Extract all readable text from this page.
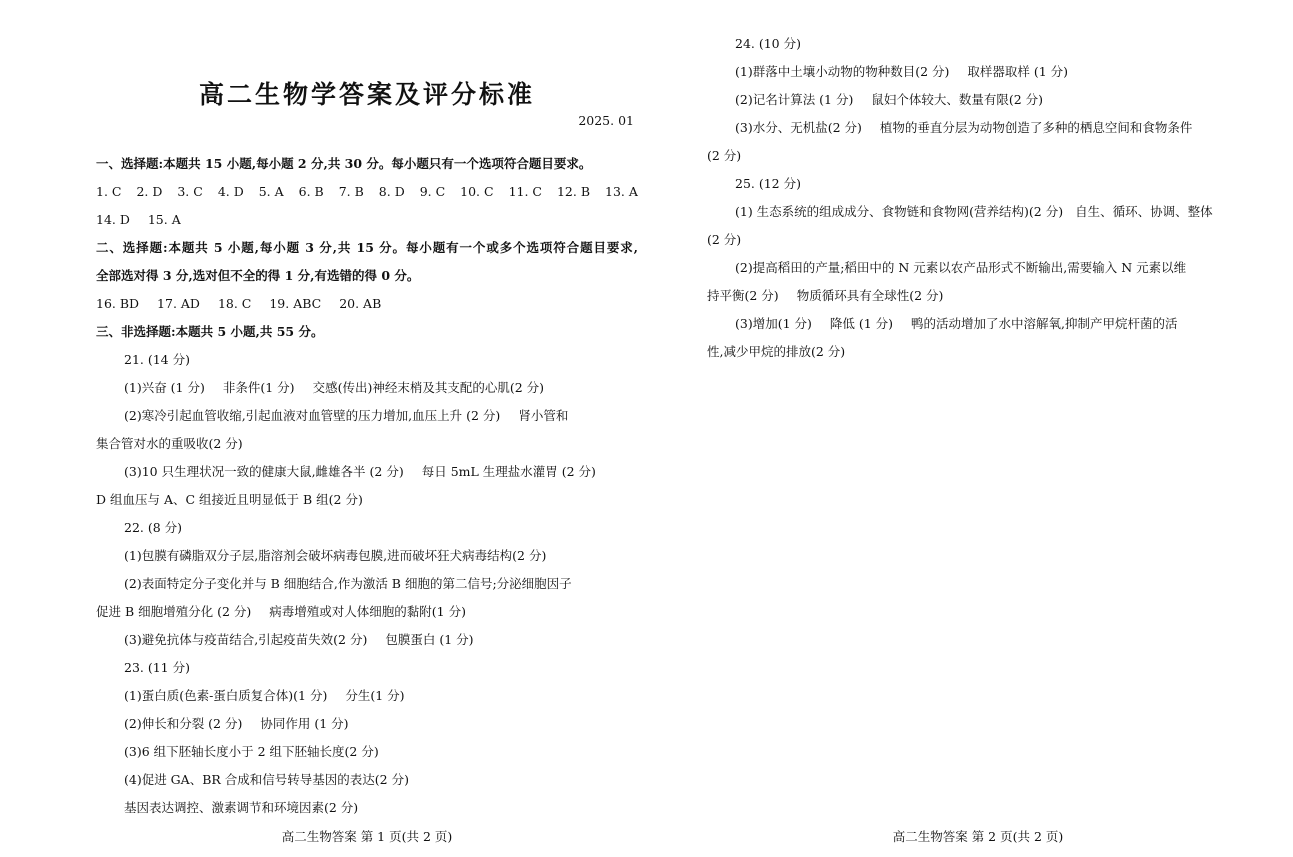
高二生物学答案及评分标准
2025. 01
一、选择题:本题共 15 小题,每小题 2 分,共 30 分。每小题只有一个选项符合题目要求。
1. C 2. D 3. C 4. D 5. A 6. B 7. B 8. D 9. C 10. C 11. C 12. B 13. A
14. D 15. A
二、选择题:本题共 5 小题,每小题 3 分,共 15 分。每小题有一个或多个选项符合题目要求,
全部选对得 3 分,选对但不全的得 1 分,有选错的得 0 分。
16. BD 17. AD 18. C 19. ABC 20. AB
三、非选择题:本题共 5 小题,共 55 分。
21. (14 分)
(1)兴奋 (1 分) 非条件(1 分) 交感(传出)神经末梢及其支配的心肌(2 分)
(2)寒冷引起血管收缩,引起血液对血管壁的压力增加,血压上升 (2 分) 肾小管和
集合管对水的重吸收(2 分)
(3)10 只生理状况一致的健康大鼠,雌雄各半 (2 分) 每日 5mL 生理盐水灌胃 (2 分)
D 组血压与 A、C 组接近且明显低于 B 组(2 分)
22. (8 分)
(1)包膜有磷脂双分子层,脂溶剂会破坏病毒包膜,进而破坏狂犬病毒结构(2 分)
(2)表面特定分子变化并与 B 细胞结合,作为激活 B 细胞的第二信号;分泌细胞因子
促进 B 细胞增殖分化 (2 分) 病毒增殖或对人体细胞的黏附(1 分)
(3)避免抗体与疫苗结合,引起疫苗失效(2 分) 包膜蛋白 (1 分)
23. (11 分)
(1)蛋白质(色素-蛋白质复合体)(1 分) 分生(1 分)
(2)伸长和分裂 (2 分) 协同作用 (1 分)
(3)6 组下胚轴长度小于 2 组下胚轴长度(2 分)
(4)促进 GA、BR 合成和信号转导基因的表达(2 分)
基因表达调控、激素调节和环境因素(2 分)
高二生物答案 第 1 页(共 2 页)
24. (10 分)
(1)群落中土壤小动物的物种数目(2 分) 取样器取样 (1 分)
(2)记名计算法 (1 分) 鼠妇个体较大、数量有限(2 分)
(3)水分、无机盐(2 分) 植物的垂直分层为动物创造了多种的栖息空间和食物条件
(2 分)
25. (12 分)
(1) 生态系统的组成成分、食物链和食物网(营养结构)(2 分) 自生、循环、协调、整体
(2 分)
(2)提高稻田的产量;稻田中的 N 元素以农产品形式不断输出,需要输入 N 元素以维
持平衡(2 分) 物质循环具有全球性(2 分)
(3)增加(1 分) 降低 (1 分) 鸭的活动增加了水中溶解氧,抑制产甲烷杆菌的活
性,减少甲烷的排放(2 分)
高二生物答案 第 2 页(共 2 页)
